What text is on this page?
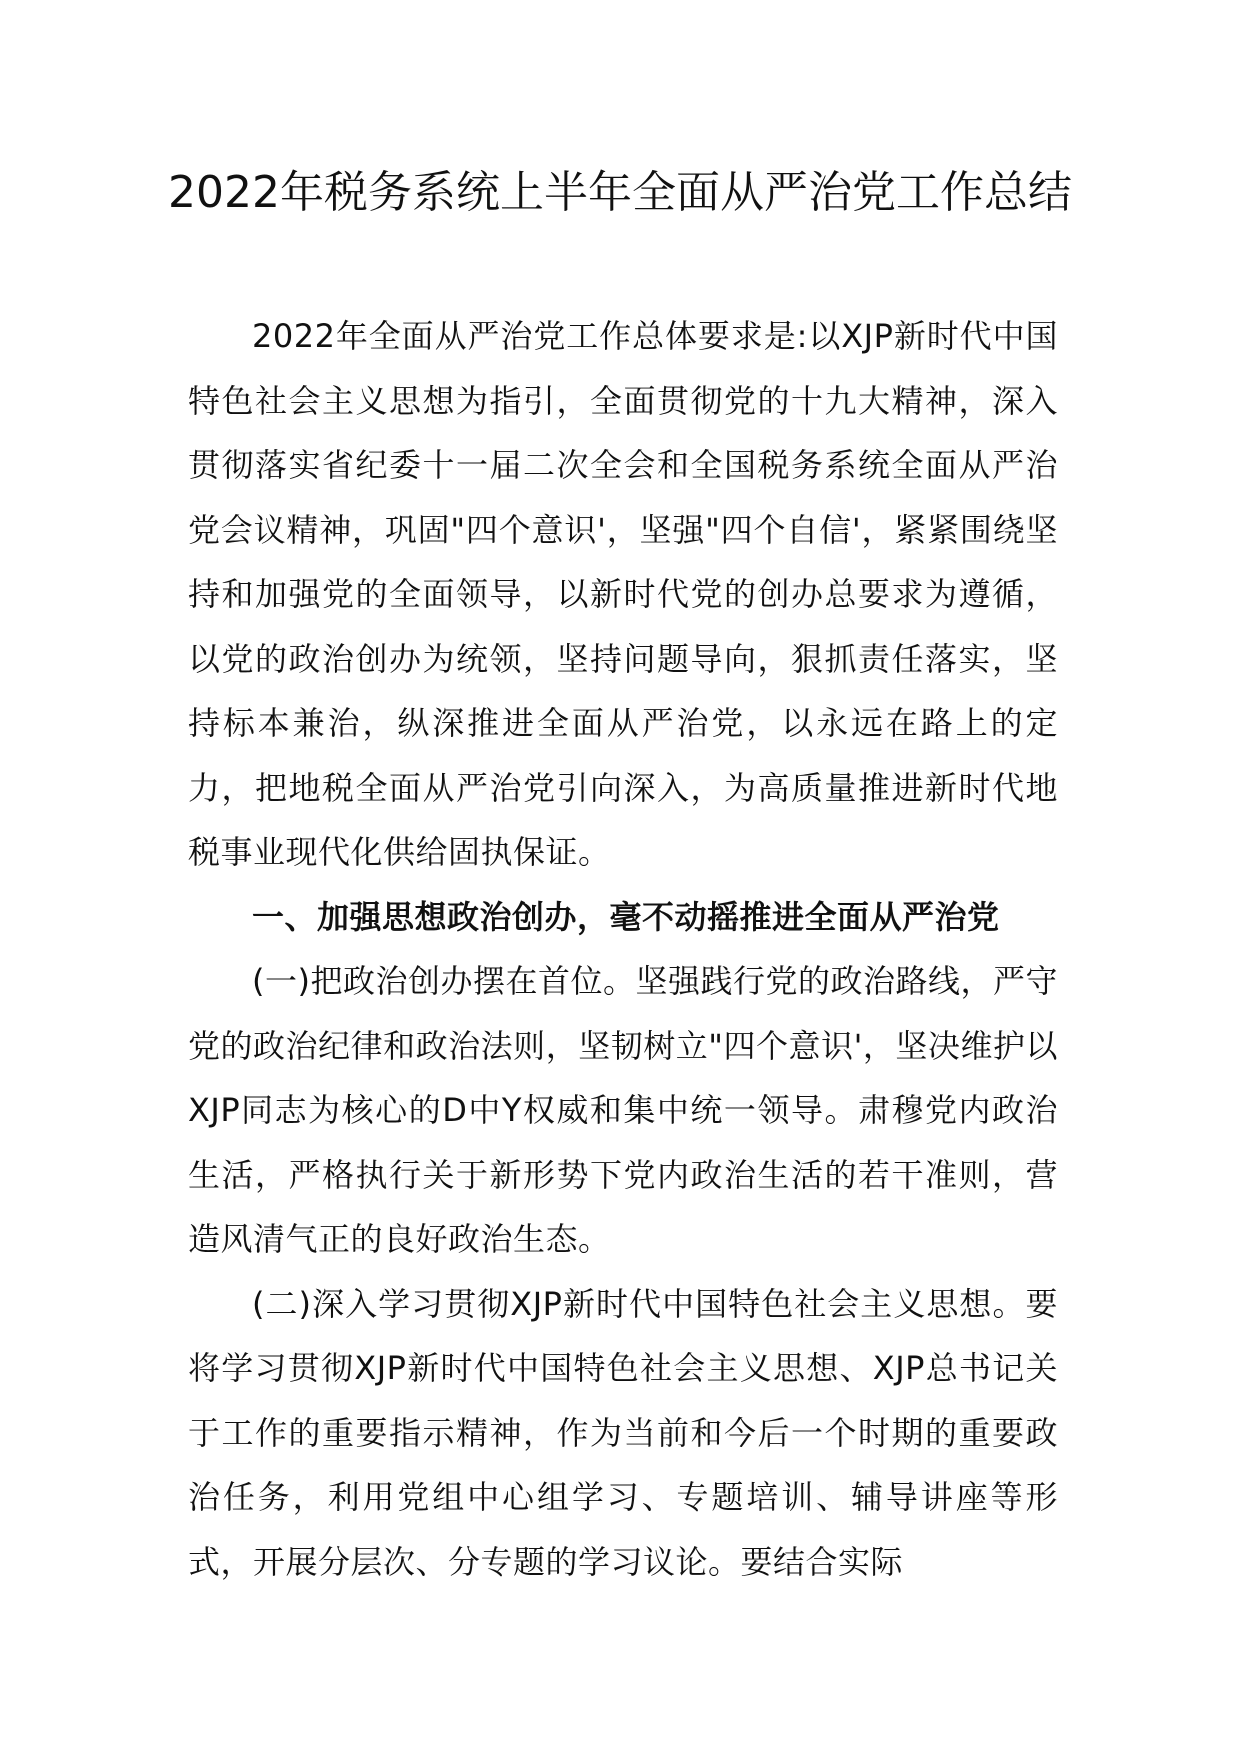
2022年税务系统上半年全面从严治党工作总结

2022年全面从严治党工作总体要求是:以XJP新时代中国特色社会主义思想为指引，全面贯彻党的十九大精神，深入贯彻落实省纪委十一届二次全会和全国税务系统全面从严治党会议精神，巩固"四个意识'，坚强"四个自信'，紧紧围绕坚持和加强党的全面领导，以新时代党的创办总要求为遵循，以党的政治创办为统领，坚持问题导向，狠抓责任落实，坚持标本兼治，纵深推进全面从严治党，以永远在路上的定力，把地税全面从严治党引向深入，为高质量推进新时代地税事业现代化供给固执保证。

一、加强思想政治创办，毫不动摇推进全面从严治党

(一)把政治创办摆在首位。坚强践行党的政治路线，严守党的政治纪律和政治法则，坚韧树立"四个意识'，坚决维护以XJP同志为核心的D中Y权威和集中统一领导。肃穆党内政治生活，严格执行关于新形势下党内政治生活的若干准则，营造风清气正的良好政治生态。

(二)深入学习贯彻XJP新时代中国特色社会主义思想。要将学习贯彻XJP新时代中国特色社会主义思想、XJP总书记关于工作的重要指示精神，作为当前和今后一个时期的重要政治任务，利用党组中心组学习、专题培训、辅导讲座等形式，开展分层次、分专题的学习议论。要结合实际
